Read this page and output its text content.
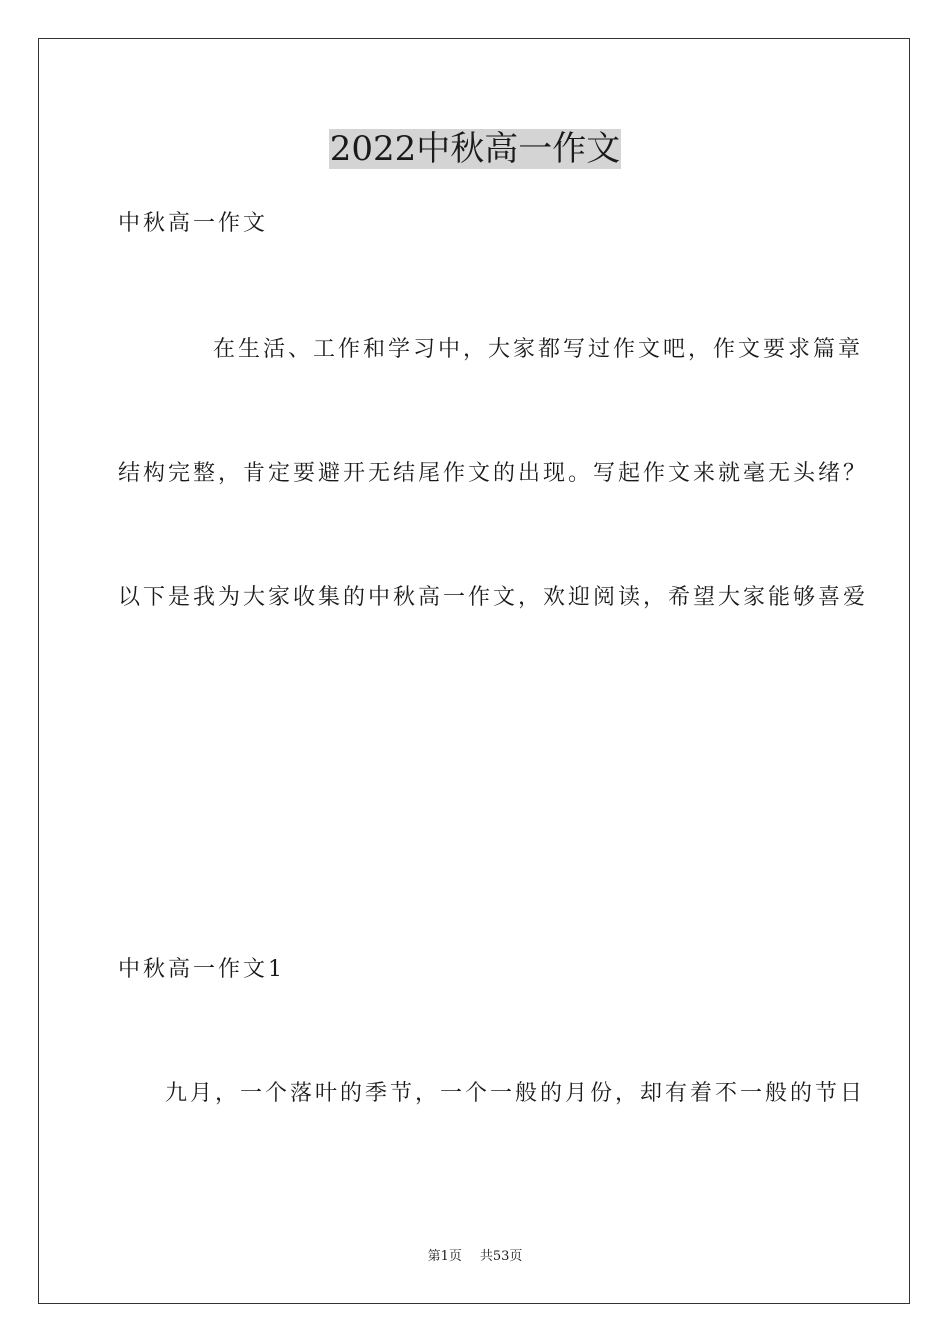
2022中秋高一作文
中秋高一作文
在生活、工作和学习中，大家都写过作文吧，作文要求篇章
结构完整，肯定要避开无结尾作文的出现。写起作文来就毫无头绪？
以下是我为大家收集的中秋高一作文，欢迎阅读，希望大家能够喜爱
中秋高一作文1
九月，一个落叶的季节，一个一般的月份，却有着不一般的节日
第1页 共53页
